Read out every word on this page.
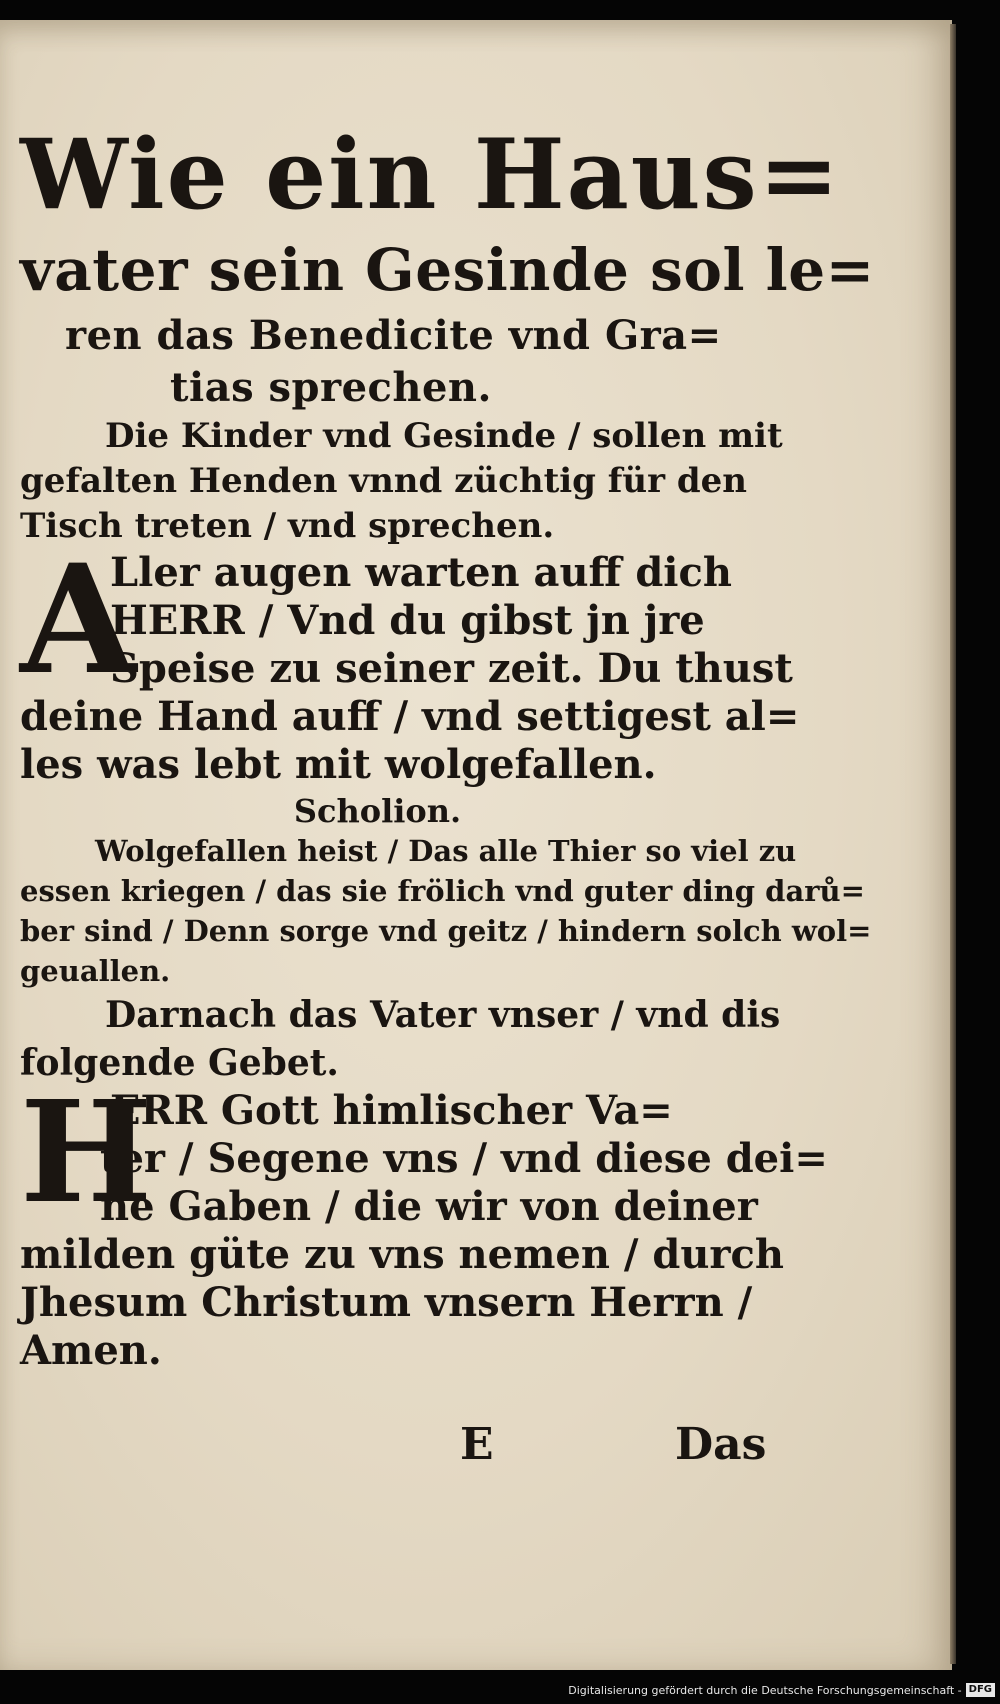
Wie ein Haus=
vater sein Gesinde sol le=
ren das Benedicite vnd Gra=
tias sprechen.
Die Kinder vnd Gesinde / sollen mit
gefalten Henden vnnd züchtig für den
Tisch treten / vnd sprechen.
A
Ller augen warten auff dich
HERR / Vnd du gibst jn jre
Speise zu seiner zeit. Du thust
deine Hand auff / vnd settigest al=
les was lebt mit wolgefallen.
Scholion.
Wolgefallen heist / Das alle Thier so viel zu
essen kriegen / das sie frölich vnd guter ding darů=
ber sind / Denn sorge vnd geitz / hindern solch wol=
geuallen.
Darnach das Vater vnser / vnd dis
folgende Gebet.
H
ERR Gott himlischer Va=
ter / Segene vns / vnd diese dei=
ne Gaben / die wir von deiner
milden güte zu vns nemen / durch
Jhesum Christum vnsern Herrn /
Amen.
E	Das
Digitalisierung gefördert durch die Deutsche Forschungsgemeinschaft - DFG
